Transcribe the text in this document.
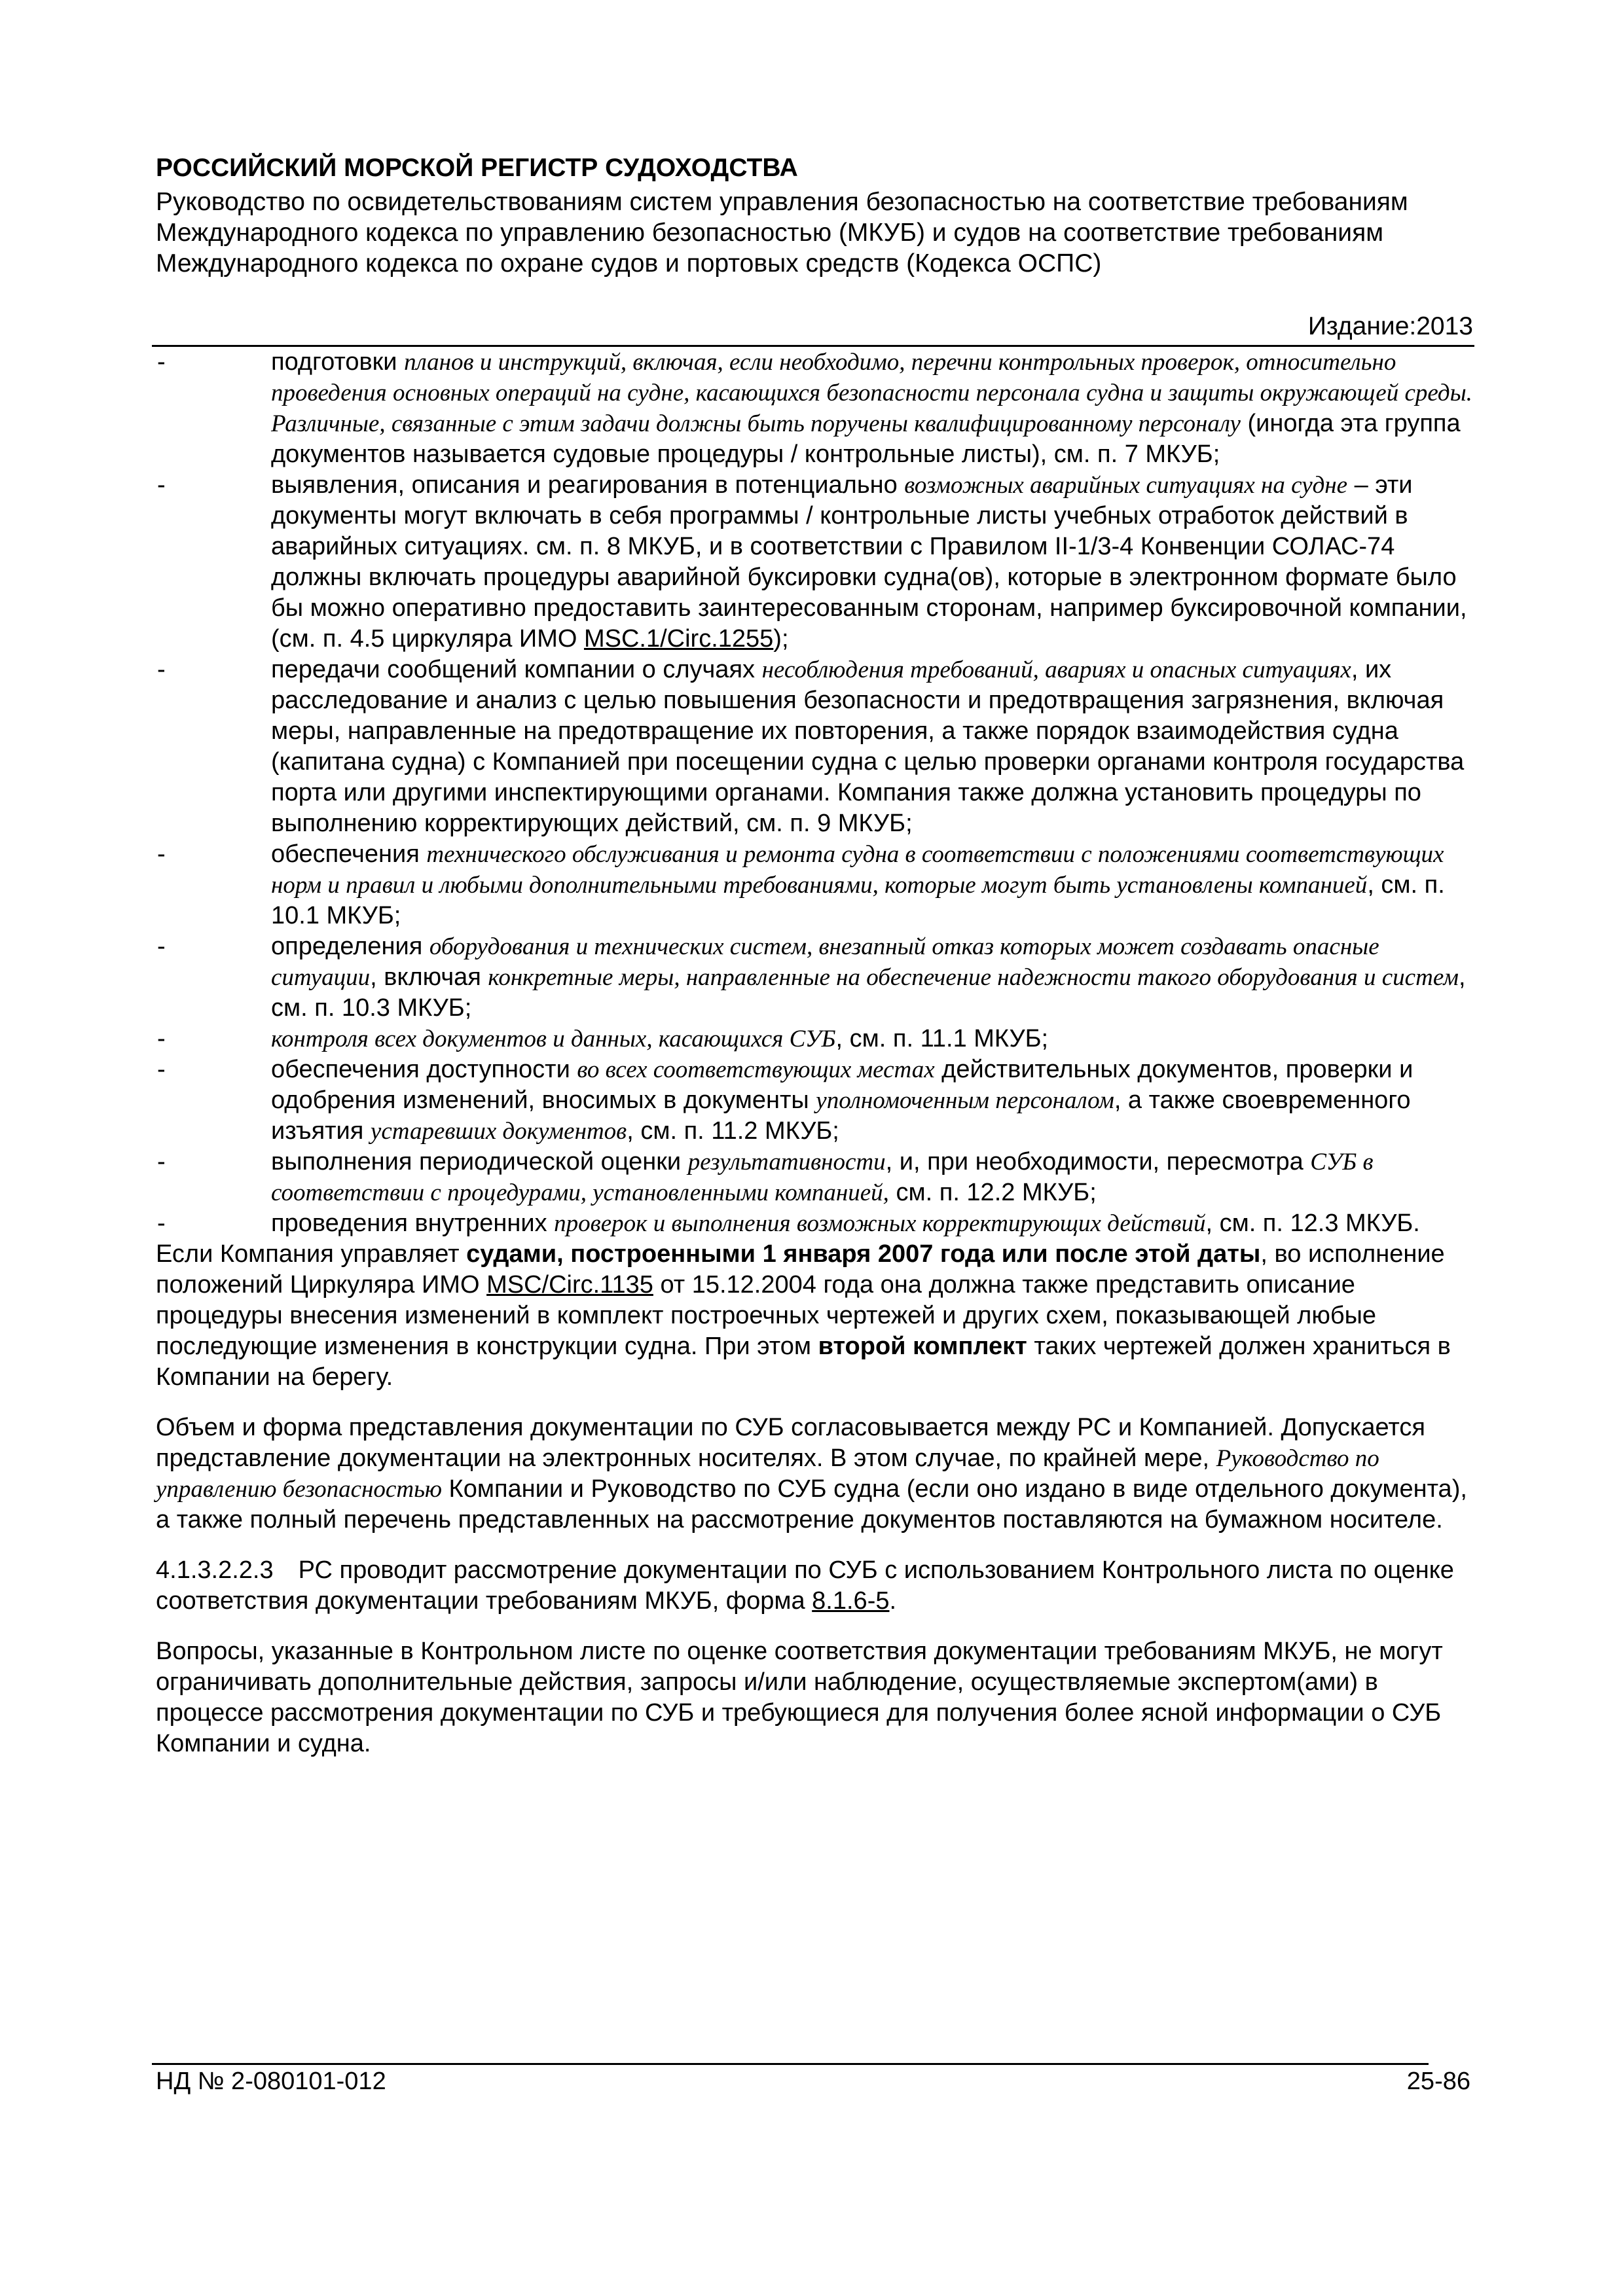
РОССИЙСКИЙ МОРСКОЙ РЕГИСТР СУДОХОДСТВА
Руководство по освидетельствованиям систем управления безопасностью на соответствие требованиям Международного кодекса по управлению безопасностью (МКУБ) и судов на соответствие требованиям Международного кодекса по охране судов и портовых средств (Кодекса ОСПС)
Издание:2013
-	подготовки планов и инструкций, включая, если необходимо, перечни контрольных проверок, относительно проведения основных операций на судне, касающихся безопасности персонала судна и защиты окружающей среды. Различные, связанные с этим задачи должны быть поручены квалифицированному персоналу (иногда эта группа документов называется судовые процедуры / контрольные листы), см. п. 7 МКУБ;
-	выявления, описания и реагирования в потенциально возможных аварийных ситуациях на судне – эти документы могут включать в себя программы / контрольные листы учебных отработок действий в аварийных ситуациях. см. п. 8 МКУБ, и в соответствии с Правилом II-1/3-4 Конвенции СОЛАС-74 должны включать процедуры аварийной буксировки судна(ов), которые в электронном формате было бы можно оперативно предоставить заинтересованным сторонам, например буксировочной компании, (см. п. 4.5 циркуляра ИМО MSC.1/Circ.1255);
-	передачи сообщений компании о случаях несоблюдения требований, авариях и опасных ситуациях, их расследование и анализ с целью повышения безопасности и предотвращения загрязнения, включая меры, направленные на предотвращение их повторения, а также порядок взаимодействия судна (капитана судна) с Компанией при посещении судна с целью проверки органами контроля государства порта или другими инспектирующими органами. Компания также должна установить процедуры по выполнению корректирующих действий, см. п. 9 МКУБ;
-	обеспечения технического обслуживания и ремонта судна в соответствии с положениями соответствующих норм и правил и любыми дополнительными требованиями, которые могут быть установлены компанией, см. п. 10.1 МКУБ;
-	определения оборудования и технических систем, внезапный отказ которых может создавать опасные ситуации, включая конкретные меры, направленные на обеспечение надежности такого оборудования и систем, см. п. 10.3 МКУБ;
-	контроля всех документов и данных, касающихся СУБ, см. п. 11.1 МКУБ;
-	обеспечения доступности во всех соответствующих местах действительных документов, проверки и одобрения изменений, вносимых в документы уполномоченным персоналом, а также своевременного изъятия устаревших документов, см. п. 11.2 МКУБ;
-	выполнения периодической оценки результативности, и, при необходимости, пересмотра СУБ в соответствии с процедурами, установленными компанией, см. п. 12.2 МКУБ;
-	проведения внутренних проверок и выполнения возможных корректирующих действий, см. п. 12.3 МКУБ.

Если Компания управляет судами, построенными 1 января 2007 года или после этой даты, во исполнение положений Циркуляра ИМО MSC/Circ.1135 от 15.12.2004 года она должна также представить описание процедуры внесения изменений в комплект построечных чертежей и других схем, показывающей любые последующие изменения в конструкции судна. При этом второй комплект таких чертежей должен храниться в Компании на берегу.

Объем и форма представления документации по СУБ согласовывается между РС и Компанией. Допускается представление документации на электронных носителях. В этом случае, по крайней мере, Руководство по управлению безопасностью Компании и Руководство по СУБ судна (если оно издано в виде отдельного документа), а также полный перечень представленных на рассмотрение документов поставляются на бумажном носителе.

4.1.3.2.2.3 РС проводит рассмотрение документации по СУБ с использованием Контрольного листа по оценке соответствия документации требованиям МКУБ, форма 8.1.6-5.

Вопросы, указанные в Контрольном листе по оценке соответствия документации требованиям МКУБ, не могут ограничивать дополнительные действия, запросы и/или наблюдение, осуществляемые экспертом(ами) в процессе рассмотрения документации по СУБ и требующиеся для получения более ясной информации о СУБ Компании и судна.

НД № 2-080101-012	25-86
